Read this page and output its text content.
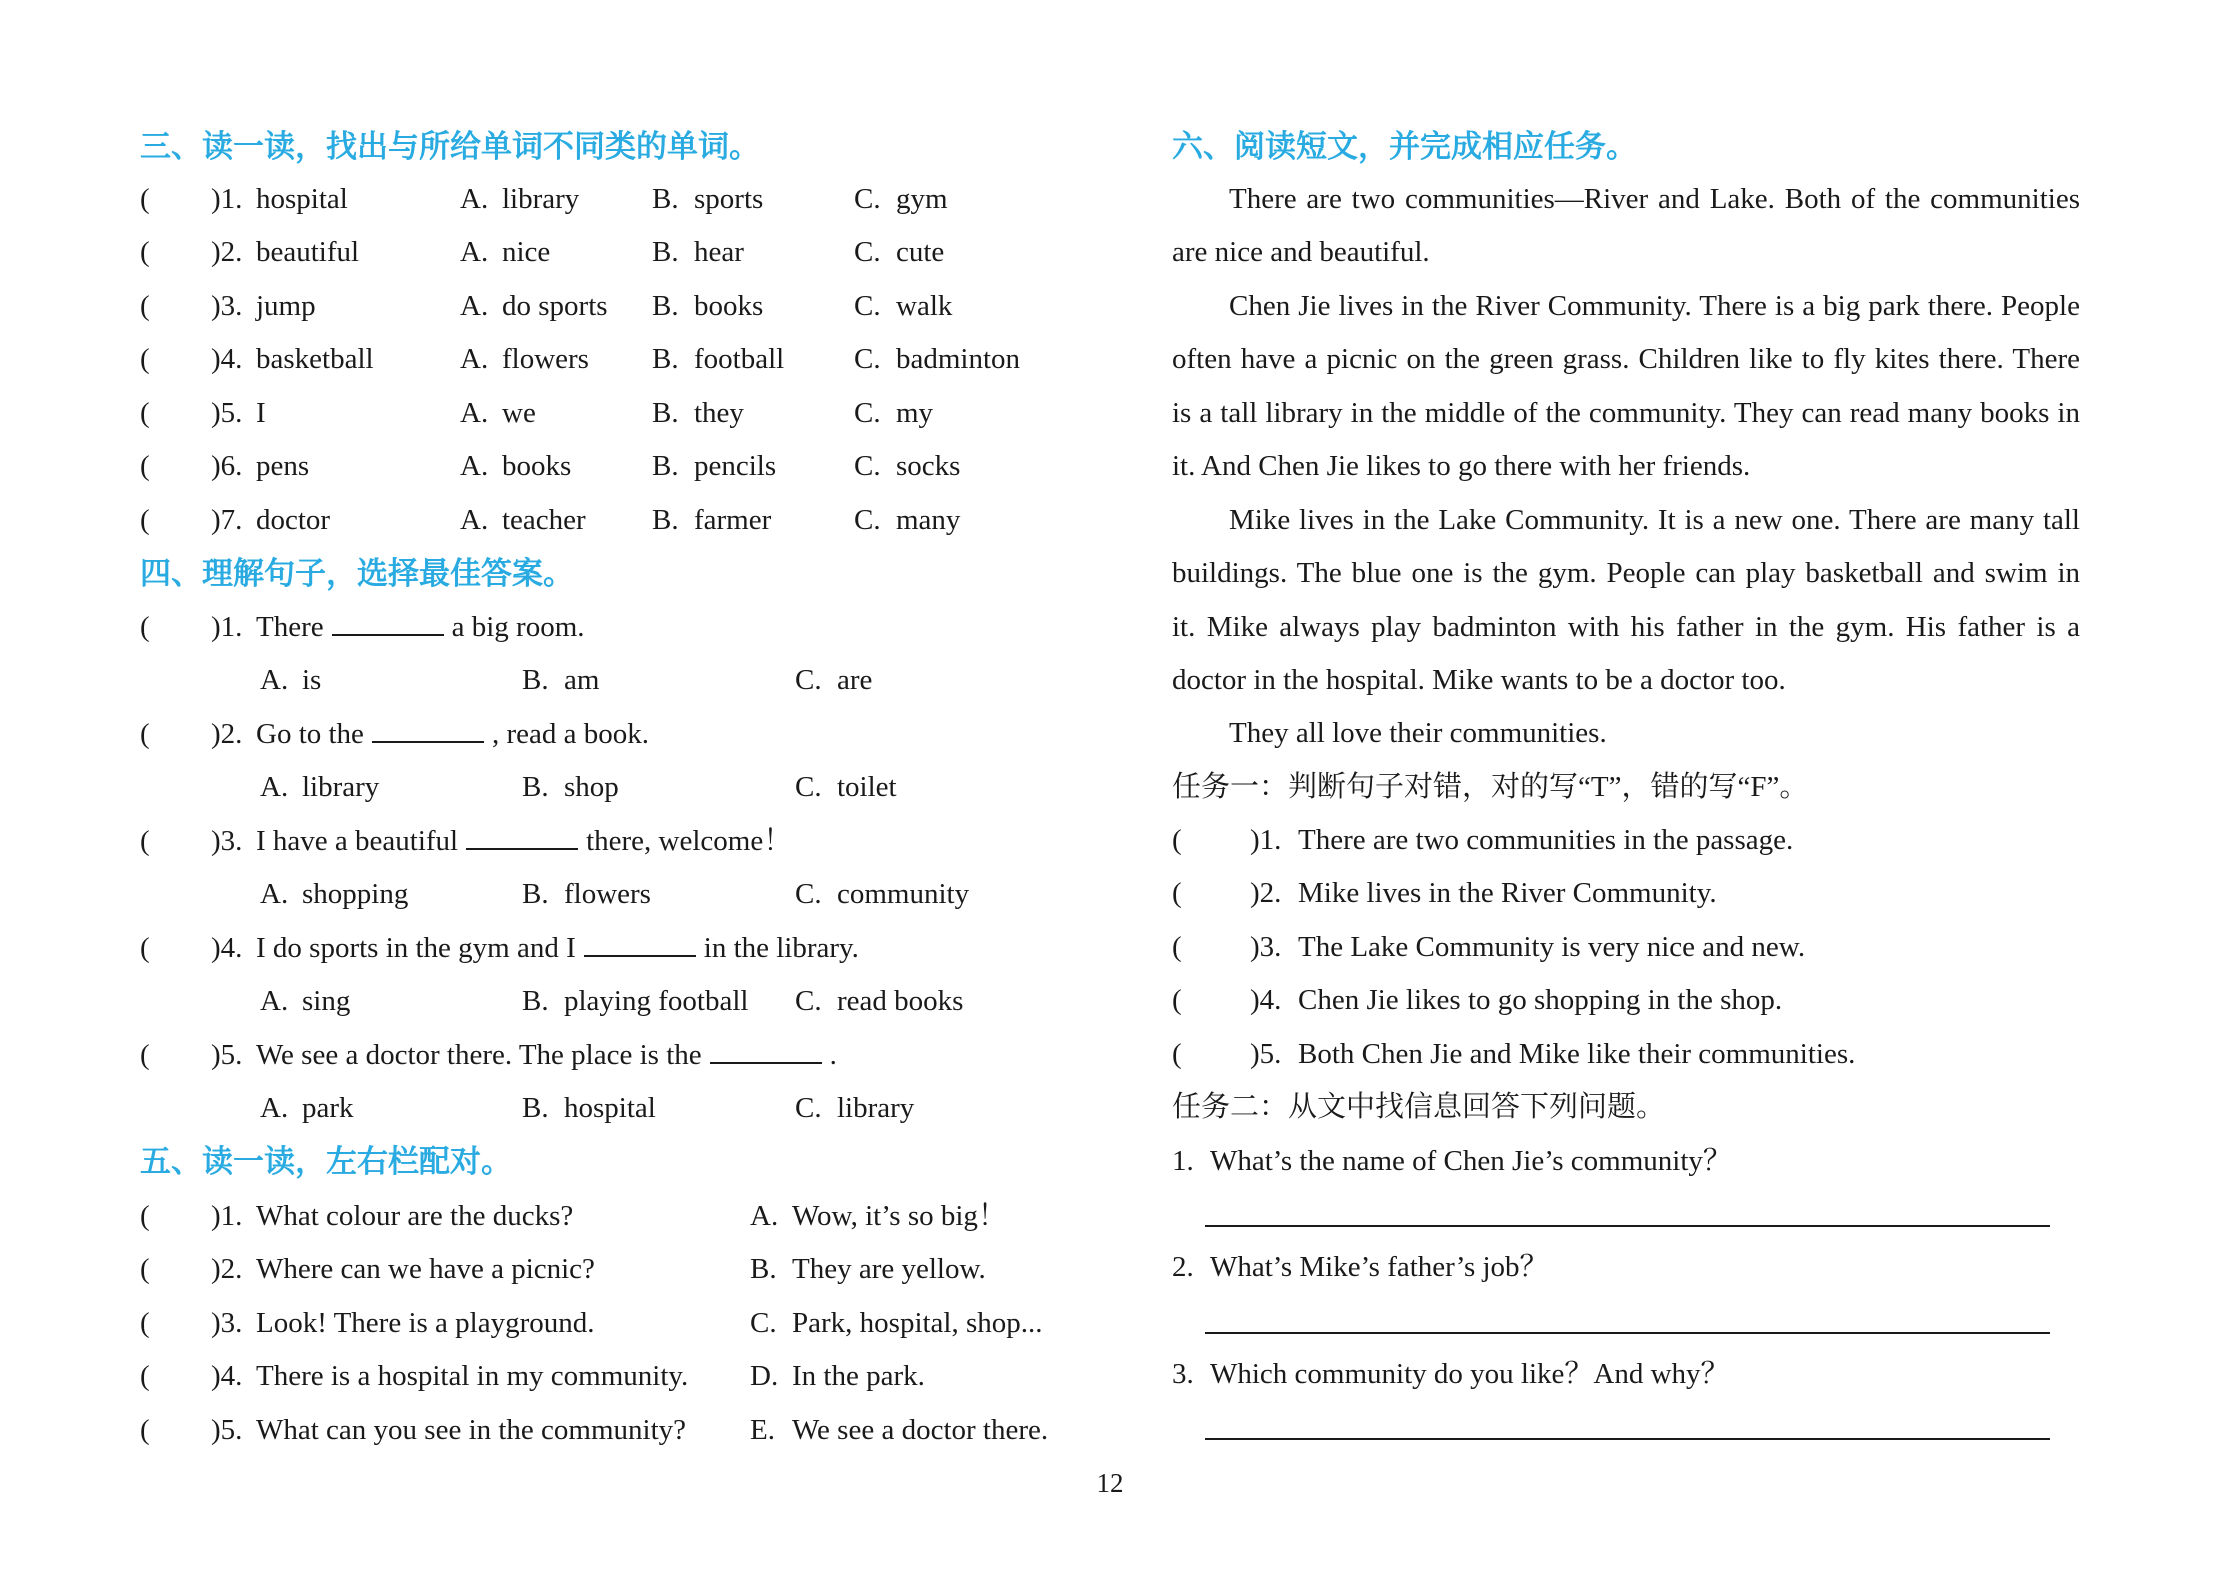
三、读一读，找出与所给单词不同类的单词。
( )1. hospital	A. library	B. sports	C. gym
( )2. beautiful	A. nice	B. hear	C. cute
( )3. jump	A. do sports B. books	C. walk
( )4. basketball	A. flowers B. football C. badminton
( )5. I	A. we	B. they	C. my
( )6. pens	A. books	B. pencils	C. socks
( )7. doctor	A. teacher B. farmer	C. many
四、理解句子，选择最佳答案。
( )1. There	a big room.
A. is	B. am	C. are
( )2. Go to the	, read a book.
A. library	B. shop	C. toilet
( )3. I have a beautiful	there, welcome！
A. shopping	B. flowers	C. community
( )4. I do sports in the gym and I	in the library.
A. sing	B. playing football C. read books
( )5. We see a doctor there. The place is the	.
A. park	B. hospital	C. library
五、读一读，左右栏配对。
( )1. What colour are the ducks?	A. Wow, it’s so big！
( )2. Where can we have a picnic?	B. They are yellow.
( )3. Look! There is a playground.	C. Park, hospital, shop...
( )4. There is a hospital in my community. D. In the park.
( )5. What can you see in the community? E. We see a doctor there.
六、阅读短文，并完成相应任务。
There are two communities—River and Lake. Both of the communities
are nice and beautiful.
Chen Jie lives in the River Community. There is a big park there. People
often have a picnic on the green grass. Children like to fly kites there. There
is a tall library in the middle of the community. They can read many books in
it. And Chen Jie likes to go there with her friends.
Mike lives in the Lake Community. It is a new one. There are many tall
buildings. The blue one is the gym. People can play basketball and swim in
it. Mike always play badminton with his father in the gym. His father is a
doctor in the hospital. Mike wants to be a doctor too.
They all love their communities.
任务一：判断句子对错，对的写“T”，错的写“F”。
( )1. There are two communities in the passage.
( )2. Mike lives in the River Community.
( )3. The Lake Community is very nice and new.
( )4. Chen Jie likes to go shopping in the shop.
( )5. Both Chen Jie and Mike like their communities.
任务二：从文中找信息回答下列问题。
1. What’s the name of Chen Jie’s community？
2. What’s Mike’s father’s job？
3. Which community do you like？And why？
12
